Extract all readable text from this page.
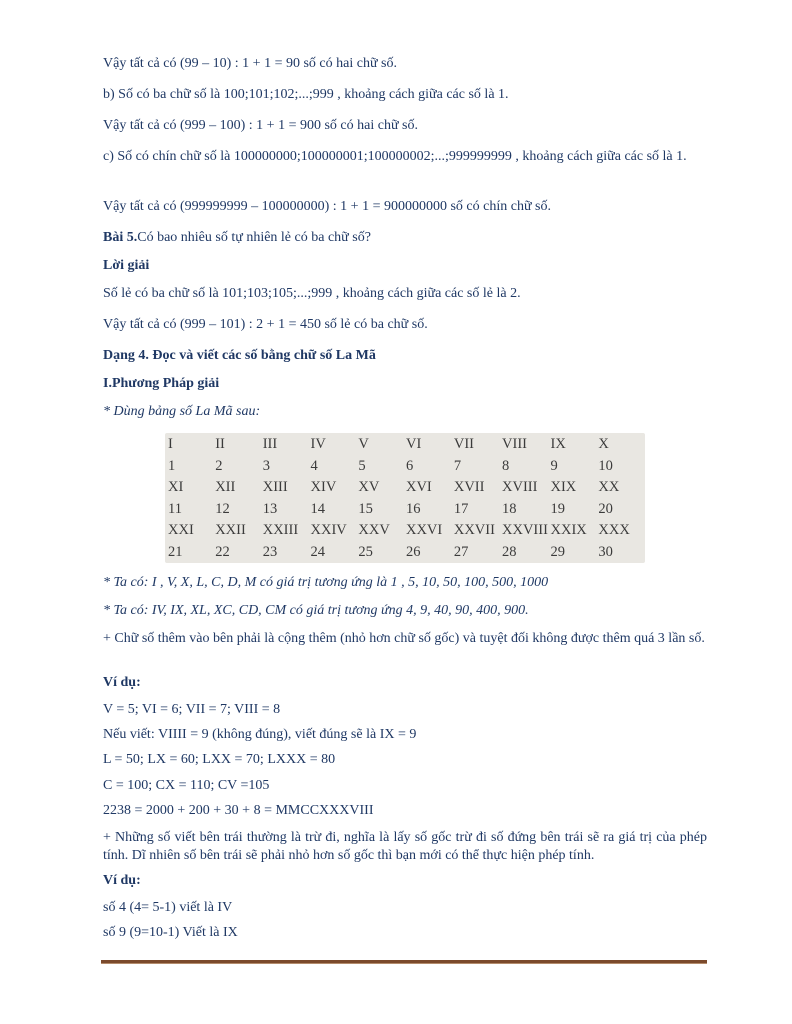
Vậy tất cả có (99 – 10) : 1 + 1 = 90 số có hai chữ số.
b) Số có ba chữ số là 100;101;102;...;999 , khoảng cách giữa các số là 1.
Vậy tất cả có (999 – 100) : 1 + 1 = 900 số có hai chữ số.
c) Số có chín chữ số là 100000000;100000001;100000002;...;999999999 , khoảng cách giữa các số là 1.
Vậy tất cả có (999999999 – 100000000) : 1 + 1 = 900000000 số có chín chữ số.
Bài 5.Có bao nhiêu số tự nhiên lẻ có ba chữ số?
Lời giải
Số lẻ có ba chữ số là 101;103;105;...;999 , khoảng cách giữa các số lẻ là 2.
Vậy tất cả có (999 – 101) : 2 + 1 = 450 số lẻ có ba chữ số.
Dạng 4. Đọc và viết các số bằng chữ số La Mã
I.Phương Pháp giải
* Dùng bảng số La Mã sau:
I	II	III	IV	V	VI	VII	VIII	IX	X
1	2	3	4	5	6	7	8	9	10
XI	XII	XIII	XIV	XV	XVI	XVII	XVIII	XIX	XX
11	12	13	14	15	16	17	18	19	20
XXI	XXII	XXIII	XXIV	XXV	XXVI	XXVII	XXVIII	XXIX	XXX
21	22	23	24	25	26	27	28	29	30
* Ta có: I , V, X, L, C, D, M có giá trị tương ứng là 1 , 5, 10, 50, 100, 500, 1000
* Ta có: IV, IX, XL, XC, CD, CM có giá trị tương ứng 4, 9, 40, 90, 400, 900.
+ Chữ số thêm vào bên phải là cộng thêm (nhỏ hơn chữ số gốc) và tuyệt đối không được thêm quá 3 lần số.
Ví dụ:
V = 5; VI = 6; VII = 7; VIII = 8
Nếu viết: VIIII = 9 (không đúng), viết đúng sẽ là IX = 9
L = 50; LX = 60; LXX = 70; LXXX = 80
C = 100; CX = 110; CV =105
2238 = 2000 + 200 + 30 + 8 = MMCCXXXVIII
+ Những số viết bên trái thường là trừ đi, nghĩa là lấy số gốc trừ đi số đứng bên trái sẽ ra giá trị của phép tính. Dĩ nhiên số bên trái sẽ phải nhỏ hơn số gốc thì bạn mới có thể thực hiện phép tính.
Ví dụ:
số 4 (4= 5-1) viết là IV
số 9 (9=10-1) Viết là IX
